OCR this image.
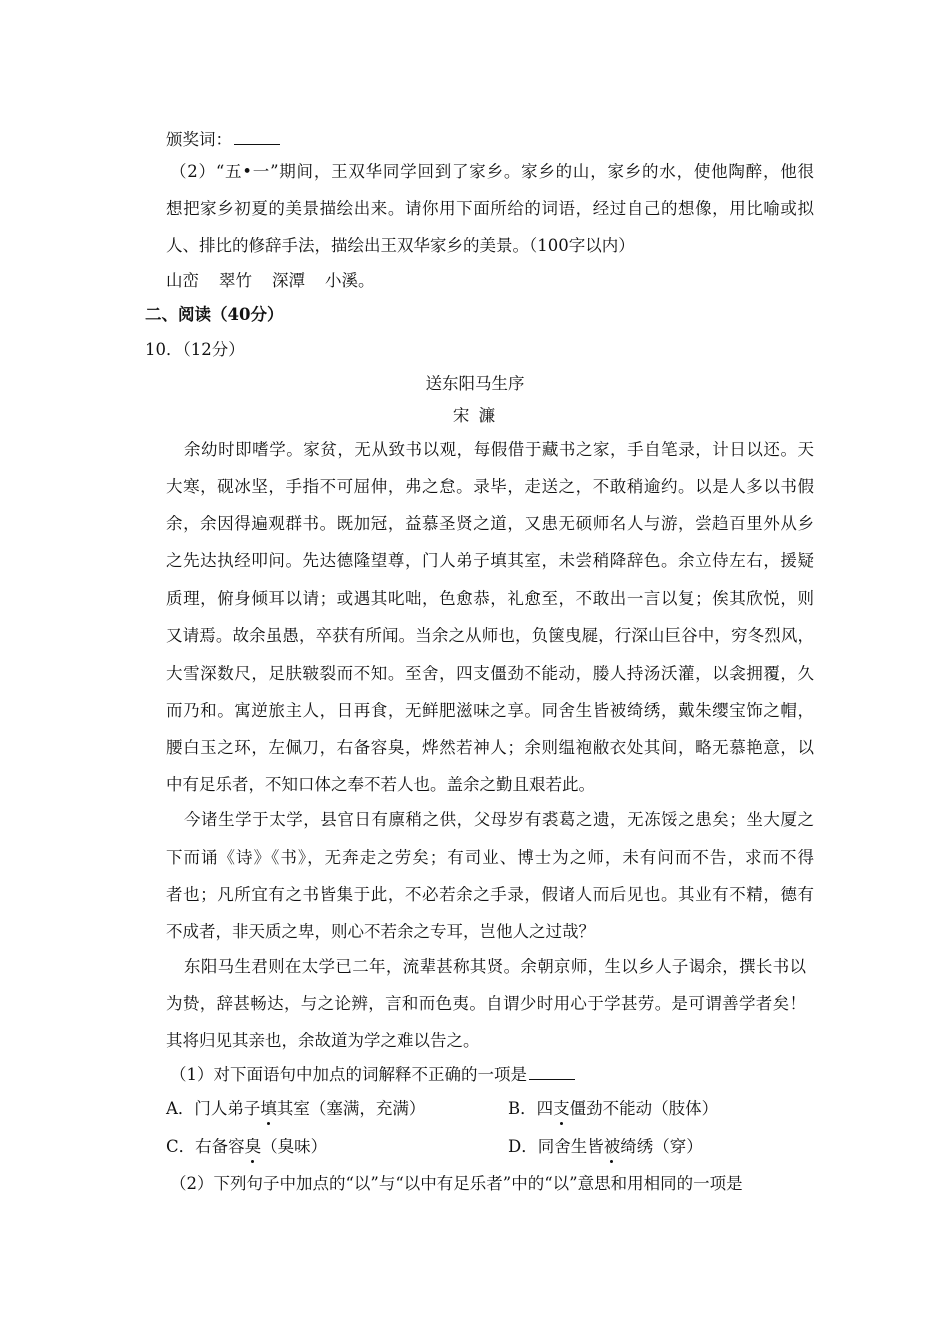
颁奖词：
（2）“五•一”期间，王双华同学回到了家乡。家乡的山，家乡的水，使他陶醉，他很
想把家乡初夏的美景描绘出来。请你用下面所给的词语，经过自己的想像，用比喻或拟
人、排比的修辞手法，描绘出王双华家乡的美景。（100字以内）
山峦 翠竹 深潭 小溪。
二、阅读（40分）
10．（12分）
送东阳马生序
宋 濂
余幼时即嗜学。家贫，无从致书以观，每假借于藏书之家，手自笔录，计日以还。天
大寒，砚冰坚，手指不可屈伸，弗之怠。录毕，走送之，不敢稍逾约。以是人多以书假
余，余因得遍观群书。既加冠，益慕圣贤之道，又患无硕师名人与游，尝趋百里外从乡
之先达执经叩问。先达德隆望尊，门人弟子填其室，未尝稍降辞色。余立侍左右，援疑
质理，俯身倾耳以请；或遇其叱咄，色愈恭，礼愈至，不敢出一言以复；俟其欣悦，则
又请焉。故余虽愚，卒获有所闻。当余之从师也，负箧曳屣，行深山巨谷中，穷冬烈风，
大雪深数尺，足肤皲裂而不知。至舍，四支僵劲不能动，媵人持汤沃灌，以衾拥覆，久
而乃和。寓逆旅主人，日再食，无鲜肥滋味之享。同舍生皆被绮绣，戴朱缨宝饰之帽，
腰白玉之环，左佩刀，右备容臭，烨然若神人；余则缊袍敝衣处其间，略无慕艳意，以
中有足乐者，不知口体之奉不若人也。盖余之勤且艰若此。
今诸生学于太学，县官日有廪稍之供，父母岁有裘葛之遗，无冻馁之患矣；坐大厦之
下而诵《诗》《书》，无奔走之劳矣；有司业、博士为之师，未有问而不告，求而不得
者也；凡所宜有之书皆集于此，不必若余之手录，假诸人而后见也。其业有不精，德有
不成者，非天质之卑，则心不若余之专耳，岂他人之过哉？
东阳马生君则在太学已二年，流辈甚称其贤。余朝京师，生以乡人子谒余，撰长书以
为贽，辞甚畅达，与之论辨，言和而色夷。自谓少时用心于学甚劳。是可谓善学者矣！
其将归见其亲也，余故道为学之难以告之。
（1）对下面语句中加点的词解释不正确的一项是
A．门人弟子填其室（塞满，充满）	B．四支僵劲不能动（肢体）
C．右备容臭（臭味）	D．同舍生皆被绮绣（穿）
（2）下列句子中加点的“以”与“以中有足乐者”中的“以”意思和用相同的一项是
